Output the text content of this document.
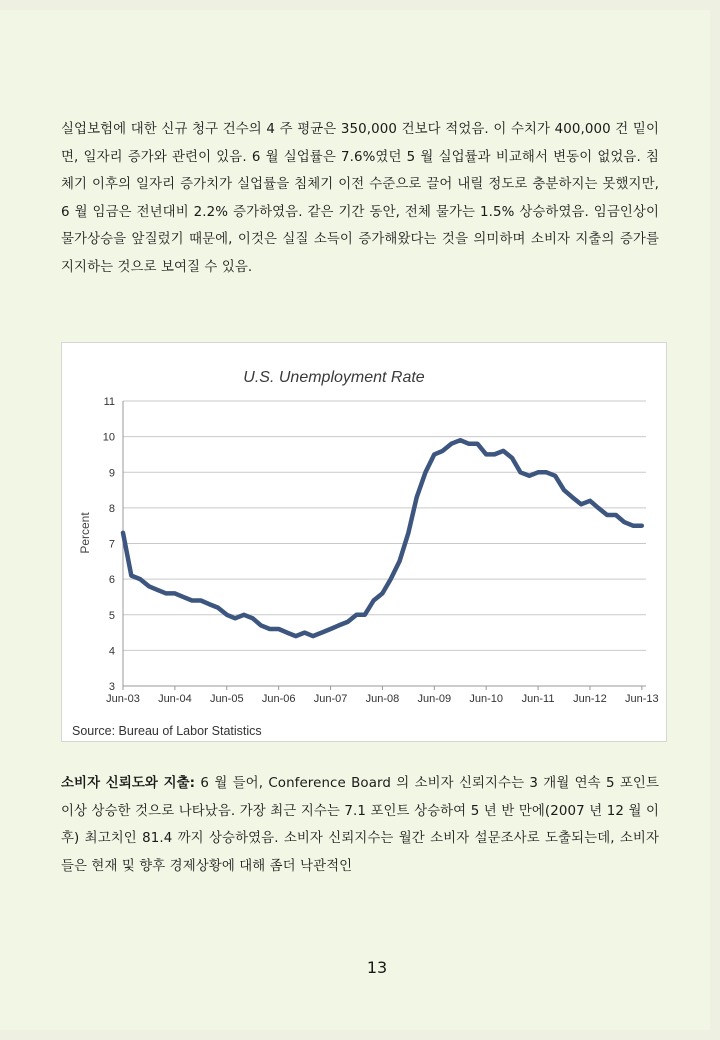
실업보험에 대한 신규 청구 건수의 4 주 평균은 350,000 건보다 적었음. 이 수치가 400,000 건 밑이면, 일자리 증가와 관련이 있음. 6 월 실업률은 7.6%였던 5 월 실업률과 비교해서 변동이 없었음. 침체기 이후의 일자리 증가치가 실업률을 침체기 이전 수준으로 끌어 내릴 정도로 충분하지는 못했지만, 6 월 임금은 전년대비 2.2% 증가하였음. 같은 기간 동안, 전체 물가는 1.5% 상승하였음. 임금인상이 물가상승을 앞질렀기 때문에, 이것은 실질 소득이 증가해왔다는 것을 의미하며 소비자 지출의 증가를 지지하는 것으로 보여질 수 있음.

U.S. Unemployment Rate
Percent
3
4
5
6
7
8
9
10
11
Jun-03 Jun-04 Jun-05 Jun-06 Jun-07 Jun-08 Jun-09 Jun-10 Jun-11 Jun-12 Jun-13
Source: Bureau of Labor Statistics

소비자 신뢰도와 지출: 6 월 들어, Conference Board 의 소비자 신뢰지수는 3 개월 연속 5 포인트 이상 상승한 것으로 나타났음. 가장 최근 지수는 7.1 포인트 상승하여 5 년 반 만에(2007 년 12 월 이후) 최고치인 81.4 까지 상승하였음. 소비자 신뢰지수는 월간 소비자 설문조사로 도출되는데, 소비자들은 현재 및 향후 경제상황에 대해 좀더 낙관적인

13
